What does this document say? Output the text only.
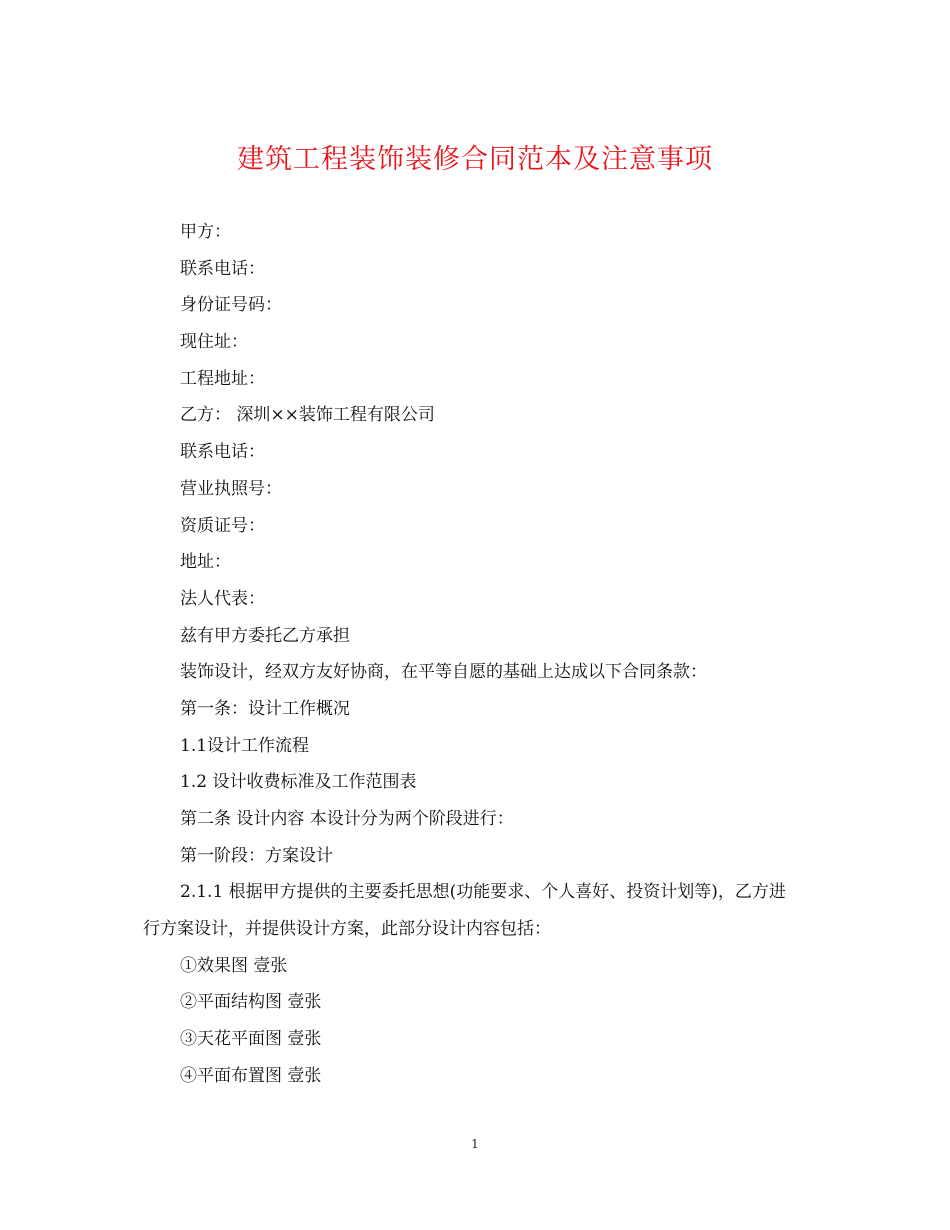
建筑工程装饰装修合同范本及注意事项
甲方：
联系电话：
身份证号码：
现住址：
工程地址：
乙方： 深圳××装饰工程有限公司
联系电话：
营业执照号：
资质证号：
地址：
法人代表：
兹有甲方委托乙方承担
装饰设计，经双方友好协商，在平等自愿的基础上达成以下合同条款：
第一条：设计工作概况
1.1设计工作流程
1.2 设计收费标准及工作范围表
第二条 设计内容 本设计分为两个阶段进行：
第一阶段：方案设计
2.1.1 根据甲方提供的主要委托思想(功能要求、个人喜好、投资计划等)，乙方进行方案设计，并提供设计方案，此部分设计内容包括：
①效果图 壹张
②平面结构图 壹张
③天花平面图 壹张
④平面布置图 壹张
1
